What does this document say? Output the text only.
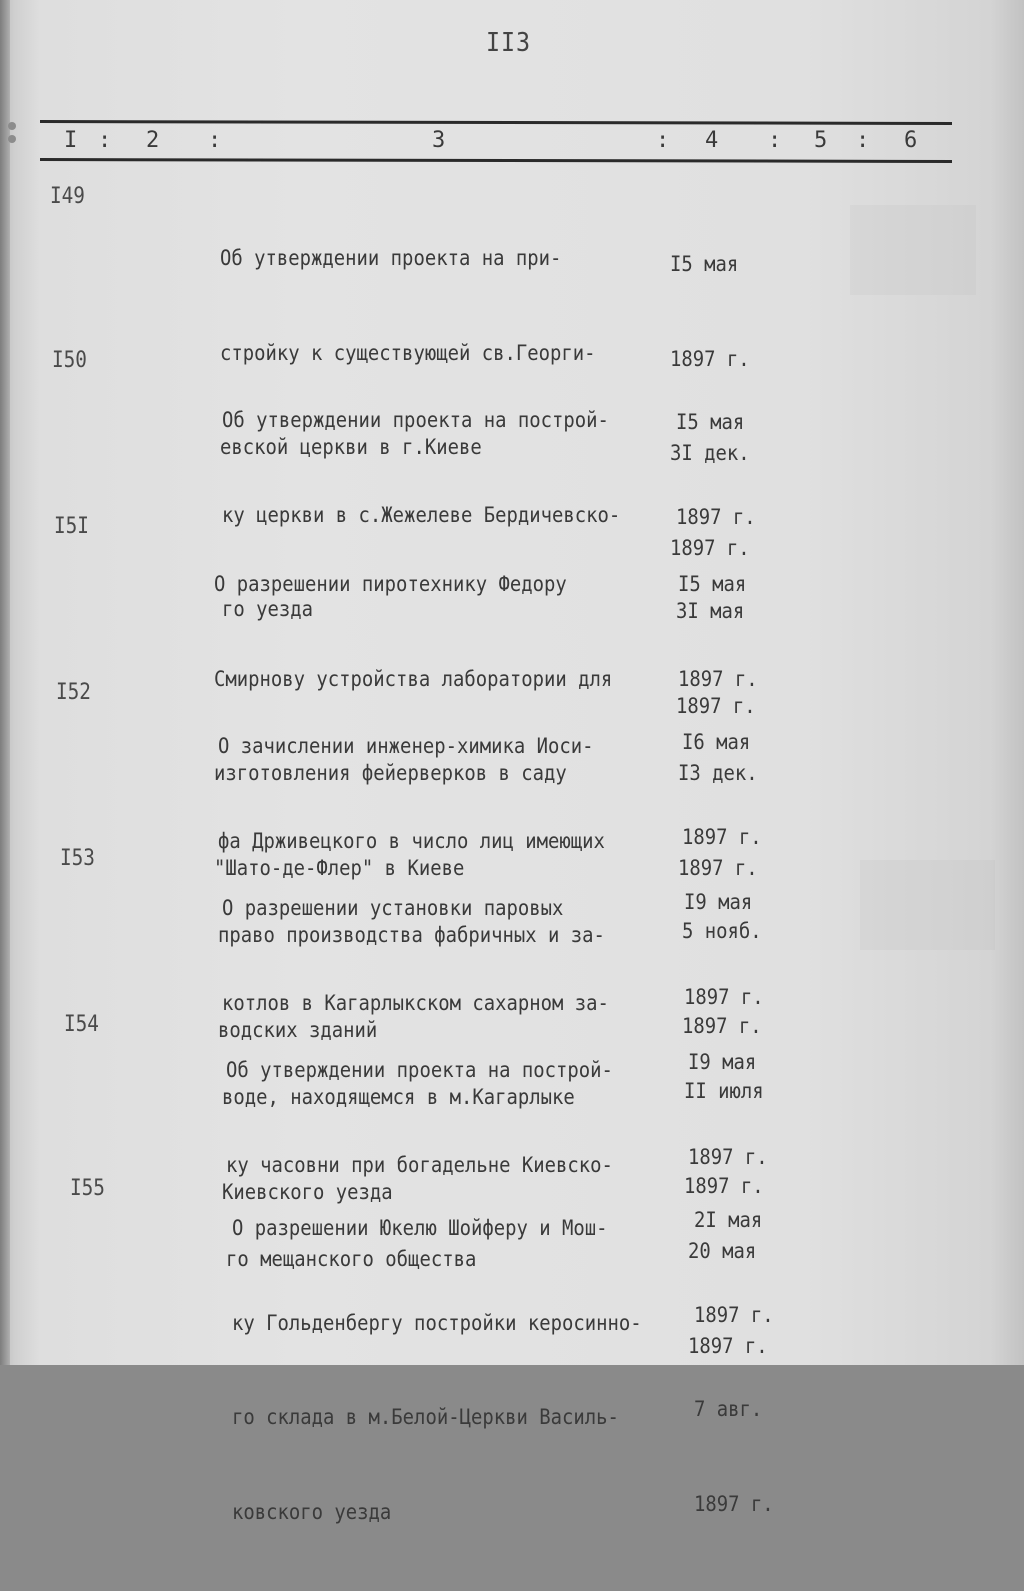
II3
I : 2 :	3	: 4 : 5 : 6
I49

Об утверждении проекта на при-

стройку к существующей св.Георги-

евской церкви в г.Киеве

I5 мая

1897 г.

3I дек.

1897 г.

I50

Об утверждении проекта на построй-

ку церкви в с.Жежелеве Бердичевско-

го уезда

I5 мая

1897 г.

3I мая

1897 г.

I5I

О разрешении пиротехнику Федору

Смирнову устройства лаборатории для

изготовления фейерверков в саду

"Шато-де-Флер" в Киеве

I5 мая

1897 г.

I3 дек.

1897 г.

I52

О зачислении инженер-химика Иоси-

фа Држивецкого в число лиц имеющих

право производства фабричных и за-

водских зданий

I6 мая

1897 г.

5 нояб.

1897 г.

I53

О разрешении установки паровых

котлов в Кагарлыкском сахарном за-

воде, находящемся в м.Кагарлыке

Киевского уезда

I9 мая

1897 г.

II июля

1897 г.

I54

Об утверждении проекта на построй-

ку часовни при богадельне Киевско-

го мещанского общества

I9 мая

1897 г.

20 мая

1897 г.

I55

О разрешении Юкелю Шойферу и Мош-

ку Гольденбергу постройки керосинно-

го склада в м.Белой-Церкви Василь-

ковского уезда

2I мая

1897 г.

7 авг.

1897 г.
